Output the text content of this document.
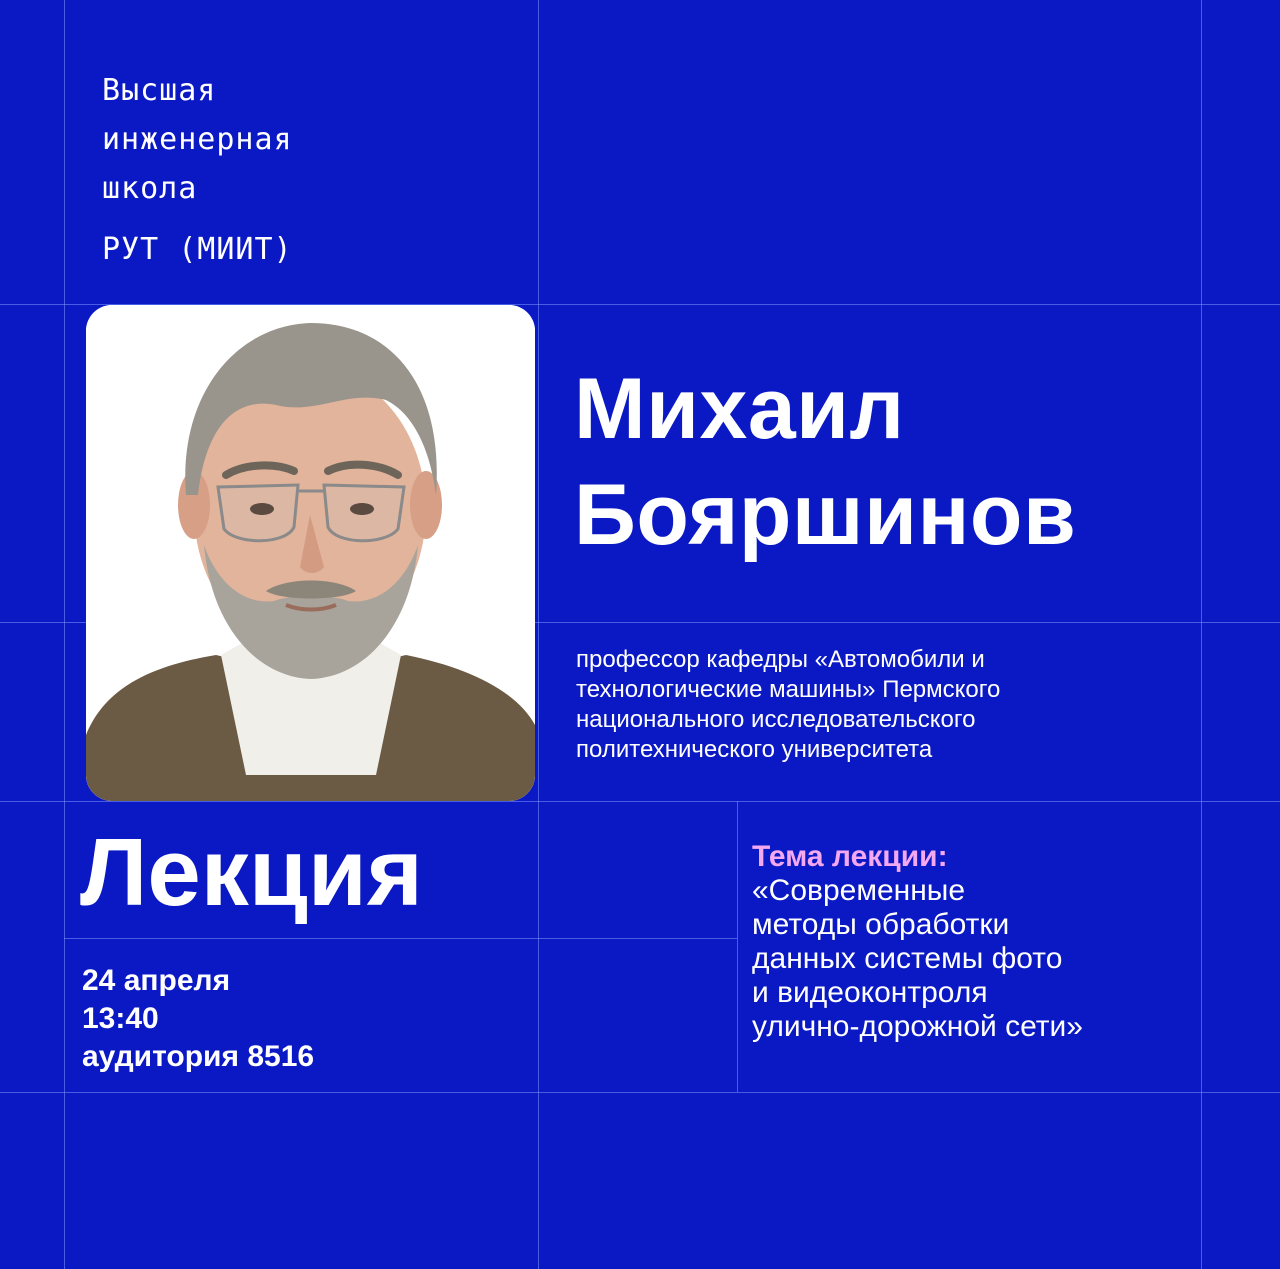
Высшая
инженерная
школа
РУТ (МИИТ)
Михаил
Бояршинов
профессор кафедры «Автомобили и
технологические машины» Пермского
национального исследовательского
политехнического университета
Лекция
24 апреля
13:40
аудитория 8516
Тема лекции:
«Современные
методы обработки
данных системы фото
и видеоконтроля
улично-дорожной сети»
